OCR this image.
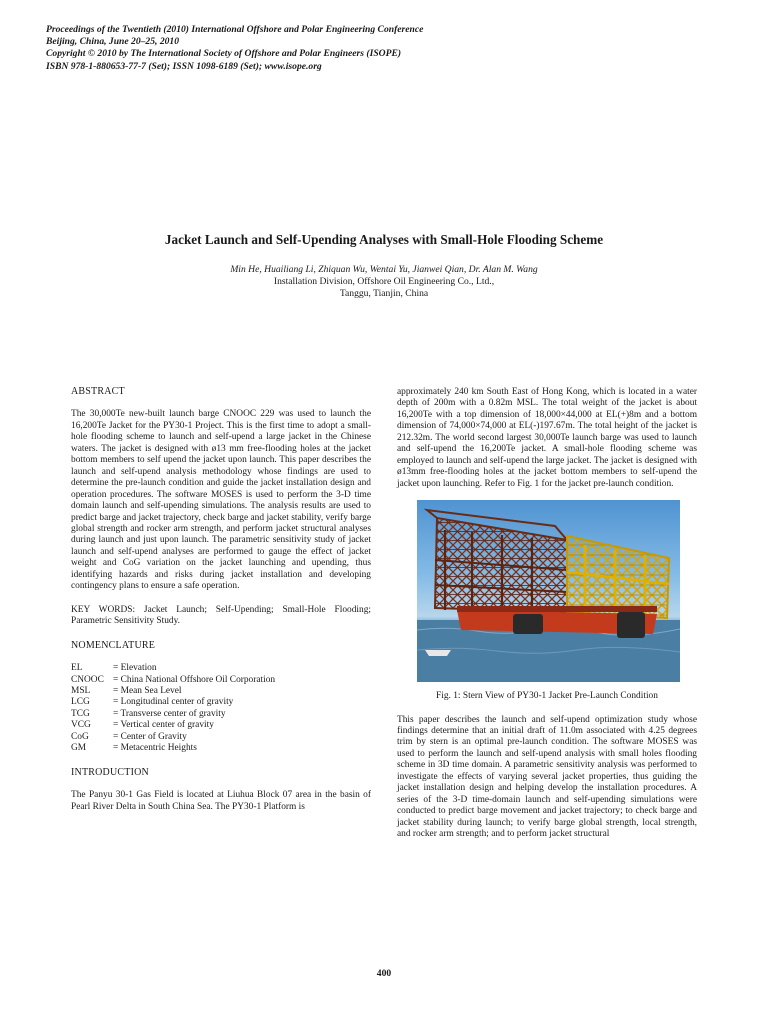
Proceedings of the Twentieth (2010) International Offshore and Polar Engineering Conference
Beijing, China, June 20–25, 2010
Copyright © 2010 by The International Society of Offshore and Polar Engineers (ISOPE)
ISBN 978-1-880653-77-7 (Set); ISSN 1098-6189 (Set); www.isope.org
Jacket Launch and Self-Upending Analyses with Small-Hole Flooding Scheme
Min He, Huailiang Li, Zhiquan Wu, Wentai Yu, Jianwei Qian, Dr. Alan M. Wang
Installation Division, Offshore Oil Engineering Co., Ltd.,
Tanggu, Tianjin, China

ABSTRACT

The 30,000Te new-built launch barge CNOOC 229 was used to launch the 16,200Te Jacket for the PY30-1 Project. This is the first time to adopt a small-hole flooding scheme to launch and self-upend a large jacket in the Chinese waters. The jacket is designed with ø13 mm free-flooding holes at the jacket bottom members to self upend the jacket upon launch. This paper describes the launch and self-upend analysis methodology whose findings are used to determine the pre-launch condition and guide the jacket installation design and operation procedures. The software MOSES is used to perform the 3-D time domain launch and self-upending simulations. The analysis results are used to predict barge and jacket trajectory, check barge and jacket stability, verify barge global strength and rocker arm strength, and perform jacket structural analyses during launch and just upon launch. The parametric sensitivity study of jacket launch and self-upend analyses are performed to gauge the effect of jacket weight and CoG variation on the jacket launching and upending, thus identifying hazards and risks during jacket installation and developing contingency plans to ensure a safe operation.

KEY WORDS: Jacket Launch; Self-Upending; Small-Hole Flooding; Parametric Sensitivity Study.

NOMENCLATURE

EL	= Elevation
CNOOC = China National Offshore Oil Corporation
MSL	= Mean Sea Level
LCG	= Longitudinal center of gravity
TCG	= Transverse center of gravity
VCG	= Vertical center of gravity
CoG	= Center of Gravity
GM	= Metacentric Heights

INTRODUCTION

The Panyu 30-1 Gas Field is located at Liuhua Block 07 area in the basin of Pearl River Delta in South China Sea. The PY30-1 Platform is

approximately 240 km South East of Hong Kong, which is located in a water depth of 200m with a 0.82m MSL. The total weight of the jacket is about 16,200Te with a top dimension of 18,000×44,000 at EL(+)8m and a bottom dimension of 74,000×74,000 at EL(-)197.67m. The total height of the jacket is 212.32m. The world second largest 30,000Te launch barge was used to launch and self-upend the 16,200Te jacket. A small-hole flooding scheme was employed to launch and self-upend the large jacket. The jacket is designed with ø13mm free-flooding holes at the jacket bottom members to self-upend the jacket upon launching. Refer to Fig. 1 for the jacket pre-launch condition.

Fig. 1: Stern View of PY30-1 Jacket Pre-Launch Condition

This paper describes the launch and self-upend optimization study whose findings determine that an initial draft of 11.0m associated with 4.25 degrees trim by stern is an optimal pre-launch condition. The software MOSES was used to perform the launch and self-upend analysis with small holes flooding scheme in 3D time domain. A parametric sensitivity analysis was performed to investigate the effects of varying several jacket properties, thus guiding the jacket installation design and helping develop the installation procedures. A series of the 3-D time-domain launch and self-upending simulations were conducted to predict barge movement and jacket trajectory; to check barge and jacket stability during launch; to verify barge global strength, local strength, and rocker arm strength; and to perform jacket structural

400
